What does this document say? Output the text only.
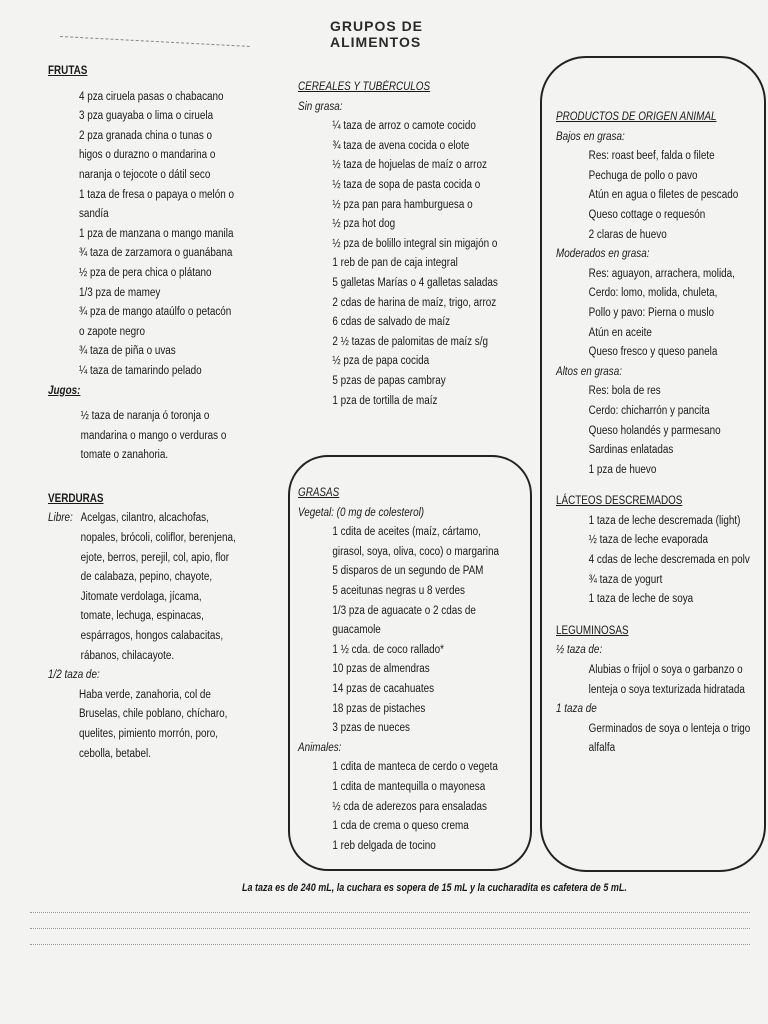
GRUPOS DE ALIMENTOS
FRUTAS
4 pza ciruela pasas o chabacano
3 pza guayaba o lima o ciruela
2 pza granada china o tunas o
higos o durazno o mandarina o
naranja o tejocote o dátil seco
1 taza de fresa o papaya o melón o
sandía
1 pza de manzana o mango manila
¾ taza de zarzamora o guanábana
½ pza de pera chica o plátano
1/3 pza de mamey
¾ pza de mango ataúlfo o petacón
o zapote negro
¾ taza de piña o uvas
¼ taza de tamarindo pelado
Jugos:
½ taza de naranja ó toronja o
mandarina o mango o verduras o
tomate o zanahoria.
VERDURAS
Libre: Acelgas, cilantro, alcachofas,
nopales, brócoli, coliflor, berenjena,
ejote, berros, perejil, col, apio, flor
de calabaza, pepino, chayote,
Jitomate verdolaga, jícama,
tomate, lechuga, espinacas,
espárragos, hongos calabacitas,
rábanos, chilacayote.
1/2 taza de:
Haba verde, zanahoria, col de
Bruselas, chile poblano, chícharo,
quelites, pimiento morrón, poro,
cebolla, betabel.
CEREALES Y TUBÉRCULOS
Sin grasa:
¼ taza de arroz o camote cocido
¾ taza de avena cocida o elote
½ taza de hojuelas de maíz o arroz
½ taza de sopa de pasta cocida o
½ pza pan para hamburguesa o
½ pza hot dog
½ pza de bolillo integral sin migajón o
1 reb de pan de caja integral
5 galletas Marías o 4 galletas saladas
2 cdas de harina de maíz, trigo, arroz
6 cdas de salvado de maíz
2 ½ tazas de palomitas de maíz s/g
½ pza de papa cocida
5 pzas de papas cambray
1 pza de tortilla de maíz
GRASAS
Vegetal: (0 mg de colesterol)
1 cdita de aceites (maíz, cártamo,
girasol, soya, oliva, coco) o margarina
5 disparos de un segundo de PAM
5 aceitunas negras u 8 verdes
1/3 pza de aguacate o 2 cdas de
guacamole
1 ½ cda. de coco rallado*
10 pzas de almendras
14 pzas de cacahuates
18 pzas de pistaches
3 pzas de nueces
Animales:
1 cdita de manteca de cerdo o vegeta
1 cdita de mantequilla o mayonesa
½ cda de aderezos para ensaladas
1 cda de crema o queso crema
1 reb delgada de tocino
PRODUCTOS DE ORIGEN ANIMAL
Bajos en grasa:
Res: roast beef, falda o filete
Pechuga de pollo o pavo
Atún en agua o filetes de pescado
Queso cottage o requesón
2 claras de huevo
Moderados en grasa:
Res: aguayon, arrachera, molida,
Cerdo: lomo, molida, chuleta,
Pollo y pavo: Pierna o muslo
Atún en aceite
Queso fresco y queso panela
Altos en grasa:
Res: bola de res
Cerdo: chicharrón y pancita
Queso holandés y parmesano
Sardinas enlatadas
1 pza de huevo
LÁCTEOS DESCREMADOS
1 taza de leche descremada (light)
½ taza de leche evaporada
4 cdas de leche descremada en polv
¾ taza de yogurt
1 taza de leche de soya
LEGUMINOSAS
½ taza de:
Alubias o frijol o soya o garbanzo o
lenteja o soya texturizada hidratada
1 taza de
Germinados de soya o lenteja o trigo
alfalfa
La taza es de 240 mL, la cuchara es sopera de 15 mL y la cucharadita es cafetera de 5 mL.
